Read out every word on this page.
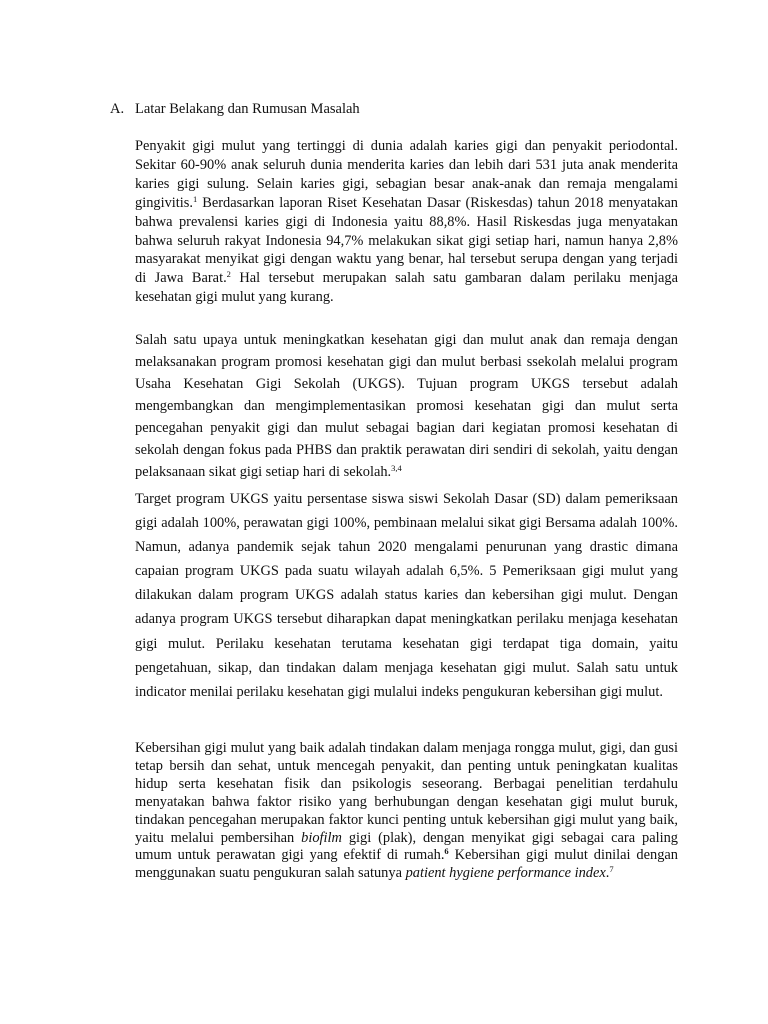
A. Latar Belakang dan Rumusan Masalah

Penyakit gigi mulut yang tertinggi di dunia adalah karies gigi dan penyakit periodontal. Sekitar 60-90% anak seluruh dunia menderita karies dan lebih dari 531 juta anak menderita karies gigi sulung. Selain karies gigi, sebagian besar anak-anak dan remaja mengalami gingivitis.$^1$ Berdasarkan laporan Riset Kesehatan Dasar (Riskesdas) tahun 2018 menyatakan bahwa prevalensi karies gigi di Indonesia yaitu 88,8%. Hasil Riskesdas juga menyatakan bahwa seluruh rakyat Indonesia 94,7% melakukan sikat gigi setiap hari, namun hanya 2,8% masyarakat menyikat gigi dengan waktu yang benar, hal tersebut serupa dengan yang terjadi di Jawa Barat.$^2$ Hal tersebut merupakan salah satu gambaran dalam perilaku menjaga kesehatan gigi mulut yang kurang.

Salah satu upaya untuk meningkatkan kesehatan gigi dan mulut anak dan remaja dengan melaksanakan program promosi kesehatan gigi dan mulut berbasi ssekolah melalui program Usaha Kesehatan Gigi Sekolah (UKGS). Tujuan program UKGS tersebut adalah mengembangkan dan mengimplementasikan promosi kesehatan gigi dan mulut serta pencegahan penyakit gigi dan mulut sebagai bagian dari kegiatan promosi kesehatan di sekolah dengan fokus pada PHBS dan praktik perawatan diri sendiri di sekolah, yaitu dengan pelaksanaan sikat gigi setiap hari di sekolah.$^{3,4}$

Target program UKGS yaitu persentase siswa siswi Sekolah Dasar (SD) dalam pemeriksaan gigi adalah 100%, perawatan gigi 100%, pembinaan melalui sikat gigi Bersama adalah 100%. Namun, adanya pandemik sejak tahun 2020 mengalami penurunan yang drastic dimana capaian program UKGS pada suatu wilayah adalah 6,5%. 5 Pemeriksaan gigi mulut yang dilakukan dalam program UKGS adalah status karies dan kebersihan gigi mulut. Dengan adanya program UKGS tersebut diharapkan dapat meningkatkan perilaku menjaga kesehatan gigi mulut. Perilaku kesehatan terutama kesehatan gigi terdapat tiga domain, yaitu pengetahuan, sikap, dan tindakan dalam menjaga kesehatan gigi mulut. Salah satu untuk indicator menilai perilaku kesehatan gigi mulalui indeks pengukuran kebersihan gigi mulut.

Kebersihan gigi mulut yang baik adalah tindakan dalam menjaga rongga mulut, gigi, dan gusi tetap bersih dan sehat, untuk mencegah penyakit, dan penting untuk peningkatan kualitas hidup serta kesehatan fisik dan psikologis seseorang. Berbagai penelitian terdahulu menyatakan bahwa faktor risiko yang berhubungan dengan kesehatan gigi mulut buruk, tindakan pencegahan merupakan faktor kunci penting untuk kebersihan gigi mulut yang baik, yaitu melalui pembersihan biofilm gigi (plak), dengan menyikat gigi sebagai cara paling umum untuk perawatan gigi yang efektif di rumah.$^6$ Kebersihan gigi mulut dinilai dengan menggunakan suatu pengukuran salah satunya patient hygiene performance index.$^7$
